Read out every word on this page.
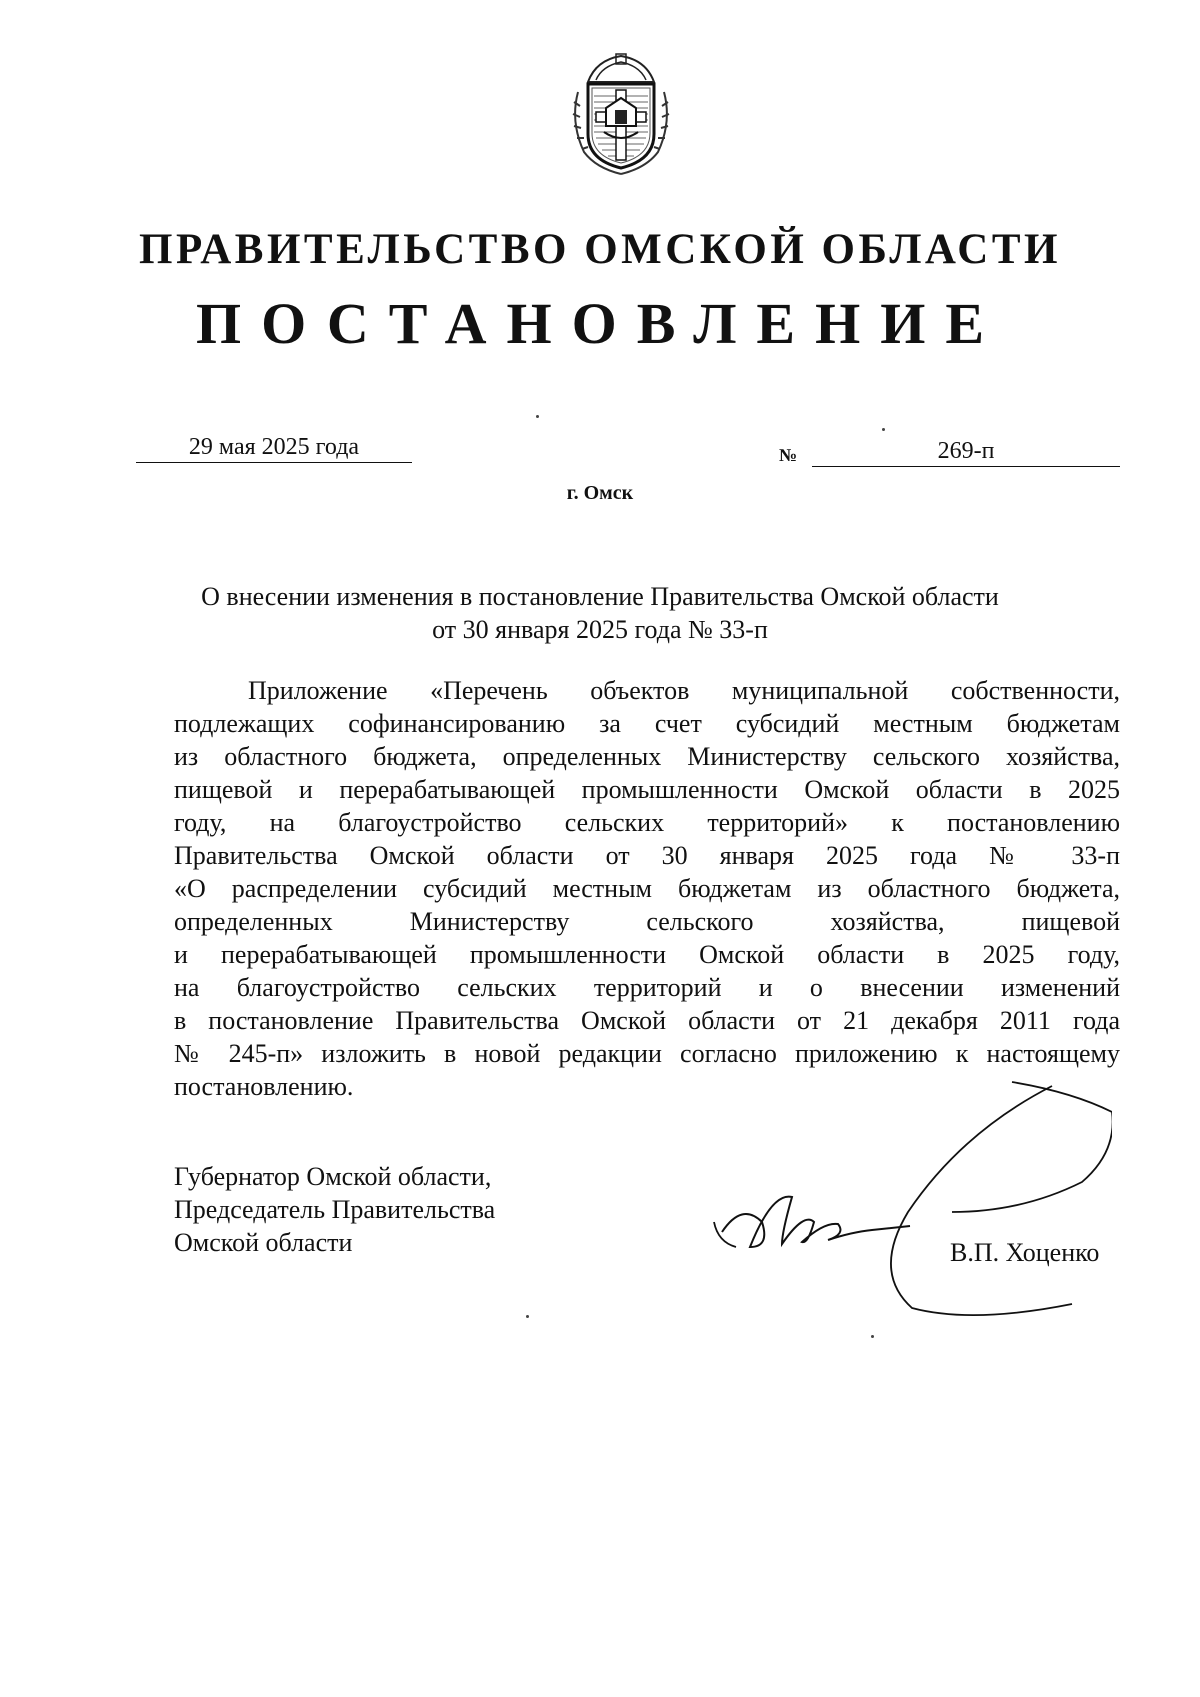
ПРАВИТЕЛЬСТВО ОМСКОЙ ОБЛАСТИ
ПОСТАНОВЛЕНИЕ
29 мая 2025 года	№	269-п
г. Омск
О внесении изменения в постановление Правительства Омской области
от 30 января 2025 года № 33-п
Приложение «Перечень объектов муниципальной собственности,
подлежащих софинансированию за счет субсидий местным бюджетам
из областного бюджета, определенных Министерству сельского хозяйства,
пищевой и перерабатывающей промышленности Омской области в 2025
году, на благоустройство сельских территорий» к постановлению
Правительства Омской области от 30 января 2025 года № 33-п
«О распределении субсидий местным бюджетам из областного бюджета,
определенных Министерству сельского хозяйства, пищевой
и перерабатывающей промышленности Омской области в 2025 году,
на благоустройство сельских территорий и о внесении изменений
в постановление Правительства Омской области от 21 декабря 2011 года
№ 245-п» изложить в новой редакции согласно приложению к настоящему
постановлению.
Губернатор Омской области,
Председатель Правительства
Омской области	В.П. Хоценко
